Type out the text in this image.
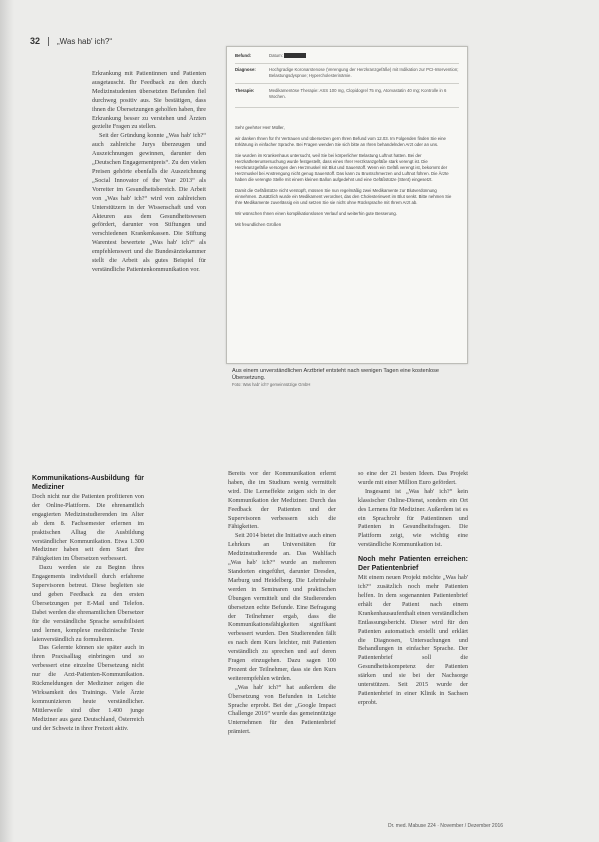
32 „Was hab' ich?“

Erkrankung mit Patientinnen und Patienten ausgetauscht. Ihr Feedback zu den durch Medizinstudenten übersetzten Befunden fiel durchweg positiv aus. Sie bestätigen, dass ihnen die Übersetzungen geholfen haben, ihre Erkrankung besser zu verstehen und Ärzten gezielte Fragen zu stellen.

Seit der Gründung konnte „Was hab' ich?“ auch zahlreiche Jurys überzeugen und Auszeichnungen gewinnen, darunter den „Deutschen Engagementpreis“. Zu den vielen Preisen gehörte ebenfalls die Auszeichnung „Social Innovator of the Year 2013“ als Vorreiter im Gesundheitsbereich. Die Arbeit von „Was hab' ich?“ wird von zahlreichen Unterstützern in der Wissenschaft und von Akteuren aus dem Gesundheitswesen gefördert, darunter von Stiftungen und verschiedenen Krankenkassen. Die Stiftung Warentest bewertete „Was hab' ich?“ als empfehlenswert und die Bundesärztekammer stellt die Arbeit als gutes Beispiel für verständliche Patientenkommunikation vor.

Kommunikations-Ausbildung für Mediziner

Doch nicht nur die Patienten profitieren von der Online-Plattform. Die ehrenamtlich engagierten Medizinstudierenden im Alter ab dem 8. Fachsemester erlernen im praktischen Alltag die Ausbildung verständlicher Kommunikation. Etwa 1.300 Mediziner haben seit dem Start ihre Fähigkeiten im Übersetzen verbessert.

Dazu werden sie zu Beginn ihres Engagements individuell durch erfahrene Supervisoren betreut. Diese begleiten sie und geben Feedback zu den ersten Übersetzungen per E-Mail und Telefon. Dabei werden die ehrenamtlichen Übersetzer für die verständliche Sprache sensibilisiert und lernen, komplexe medizinische Texte laienverständlich zu formulieren.

Das Gelernte können sie später auch in ihren Praxisalltag einbringen und so verbessert eine einzelne Übersetzung nicht nur die Arzt-Patienten-Kommunikation. Rückmeldungen der Mediziner zeigen die Wirksamkeit des Trainings. Viele Ärzte kommunizieren heute verständlicher. Mittlerweile sind über 1.400 junge Mediziner aus ganz Deutschland, Österreich und der Schweiz in ihrer Freizeit aktiv.

Befund:	Datum:
Diagnose:	Hochgradige Koronarstenose (Verengung der Herzkranzgefäße) mit Indikation zur PCI-Intervention; Belastungsdyspnoe; Hypercholesterinämie.
Therapie:	Medikamentöse Therapie: ASS 100 mg, Clopidogrel 75 mg, Atorvastatin 40 mg; Kontrolle in 6 Wochen.

Sehr geehrter Herr Müller,

wir danken Ihnen für Ihr Vertrauen und übersetzen gern Ihren Befund vom 12.03. Im Folgenden finden Sie eine Erklärung in einfacher Sprache. Bei Fragen wenden Sie sich bitte an Ihren behandelnden Arzt oder an uns.

Sie wurden im Krankenhaus untersucht, weil Sie bei körperlicher Belastung Luftnot hatten. Bei der Herzkatheteruntersuchung wurde festgestellt, dass eines Ihrer Herzkranzgefäße stark verengt ist. Die Herzkranzgefäße versorgen den Herzmuskel mit Blut und Sauerstoff. Wenn ein Gefäß verengt ist, bekommt der Herzmuskel bei Anstrengung nicht genug Sauerstoff. Das kann zu Brustschmerzen und Luftnot führen. Die Ärzte haben die verengte Stelle mit einem kleinen Ballon aufgedehnt und eine Gefäßstütze (Stent) eingesetzt.

Damit die Gefäßstütze nicht verstopft, müssen Sie nun regelmäßig zwei Medikamente zur Blutverdünnung einnehmen. Zusätzlich wurde ein Medikament verordnet, das den Cholesterinwert im Blut senkt. Bitte nehmen Sie Ihre Medikamente zuverlässig ein und setzen Sie sie nicht ohne Rücksprache mit Ihrem Arzt ab.

Wir wünschen Ihnen einen komplikationslosen Verlauf und weiterhin gute Besserung.

Mit freundlichen Grüßen

Aus einem unverständlichen Arztbrief entsteht nach wenigen Tagen eine kostenlose Übersetzung.
Foto: Was hab' ich? gemeinnützige GmbH

Bereits vor der Kommunikation erlernt haben, die im Studium wenig vermittelt wird. Die Lerneffekte zeigen sich in der Kommunikation der Mediziner. Durch das Feedback der Patienten und der Supervisoren verbessern sich die Fähigkeiten.

Seit 2014 bietet die Initiative auch einen Lehrkurs an Universitäten für Medizinstudierende an. Das Wahlfach „Was hab' ich?“ wurde an mehreren Standorten eingeführt, darunter Dresden, Marburg und Heidelberg. Die Lehrinhalte werden in Seminaren und praktischen Übungen vermittelt und die Studierenden übersetzen echte Befunde. Eine Befragung der Teilnehmer ergab, dass die Kommunikationsfähigkeiten signifikant verbessert wurden. Den Studierenden fällt es nach dem Kurs leichter, mit Patienten verständlich zu sprechen und auf deren Fragen einzugehen. Dazu sagen 100 Prozent der Teilnehmer, dass sie den Kurs weiterempfehlen würden.

„Was hab' ich?“ hat außerdem die Übersetzung von Befunden in Leichte Sprache erprobt. Bei der „Google Impact Challenge 2016“ wurde das gemeinnützige Unternehmen für den Patientenbrief prämiert.

so eine der 21 besten Ideen. Das Projekt wurde mit einer Million Euro gefördert.

Insgesamt ist „Was hab' ich?“ kein klassischer Online-Dienst, sondern ein Ort des Lernens für Mediziner. Außerdem ist es ein Sprachrohr für Patientinnen und Patienten in Gesundheitsfragen. Die Plattform zeigt, wie wichtig eine verständliche Kommunikation ist.

Noch mehr Patienten erreichen: Der Patientenbrief

Mit einem neuen Projekt möchte „Was hab' ich?“ zusätzlich noch mehr Patienten helfen. In dem sogenannten Patientenbrief erhält der Patient nach einem Krankenhausaufenthalt einen verständlichen Entlassungsbericht. Dieser wird für den Patienten automatisch erstellt und erklärt die Diagnosen, Untersuchungen und Behandlungen in einfacher Sprache. Der Patientenbrief soll die Gesundheitskompetenz der Patienten stärken und sie bei der Nachsorge unterstützen. Seit 2015 wurde der Patientenbrief in einer Klinik in Sachsen erprobt.

Dr. med. Mabuse 224 · November / Dezember 2016
